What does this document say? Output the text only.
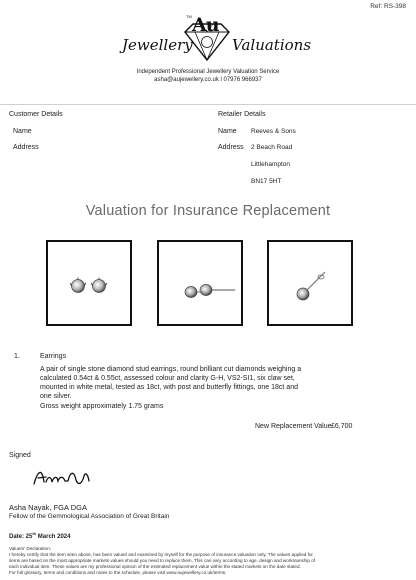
Ref: RS-398
Jewellery
TM Au
Valuations
Independent Professional Jewellery Valuation Service
asha@aujewellery.co.uk l 07976 966937
Customer Details
Name
Address
Retailer Details
Name Reeves & Sons
Address 2 Beach Road
Littlehampton
BN17 5HT
Valuation for Insurance Replacement
1.	Earrings
A pair of single stone diamond stud earrings, round brilliant cut diamonds weighing a
calculated 0.54ct & 0.55ct, assessed colour and clarity G-H, VS2-SI1, six claw set,
mounted in white metal, tested as 18ct, with post and butterfly fittings, one 18ct and
one silver.
Gross weight approximately 1.75 grams
New Replacement Value £6,700
Signed
Asha Nayak, FGA DGA
Fellow of the Gemmological Association of Great Britain
Date: 25th March 2024
Valuers' Declaration:
I hereby certify that the item seen above, has been valued and examined by myself for the purpose of insurance valuation only. The values applied for
items are based on the most appropriate markets values should you need to replace them. This can vary according to age, design and workmanship of
each individual item. These values are my professional opinion of the estimated replacement value within the stated markets on the date stated.
For full glossary, terms and conditions and notes to the schedule, please visit www.aujewellery.co.uk/terms.
